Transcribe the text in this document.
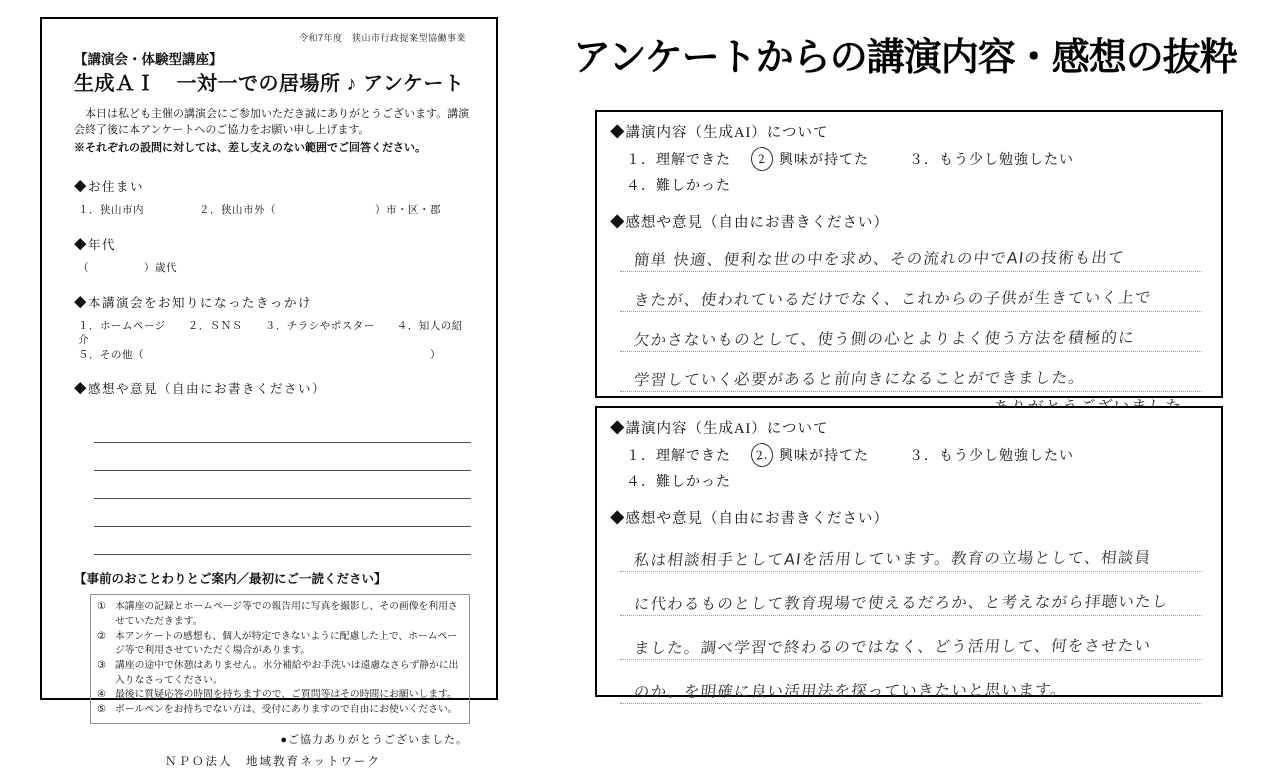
令和7年度　狭山市行政提案型協働事業
【講演会・体験型講座】
生成ＡＩ　一対一での居場所 ♪ アンケート

　本日は私ども主催の講演会にご参加いただき誠にありがとうございます。講演会終了後に本アンケートへのご協力をお願い申し上げます。

※それぞれの設問に対しては、差し支えのない範囲でご回答ください。
◆お住まい
１．狭山市内　　　　　２．狭山市外（　　　　　　　　　）市・区・郡
◆年代
（　　　　　）歳代
◆本講演会をお知りになったきっかけ
１．ホームページ　　２．ＳＮＳ　　３．チラシやポスター　　４．知人の紹介
５．その他（　　　　　　　　　　　　　　　　　　　　　　　　　　）
◆感想や意見（自由にお書きください）
【事前のおことわりとご案内／最初にご一読ください】
① 本講座の記録とホームページ等での報告用に写真を撮影し、その画像を利用させていただきます。
② 本アンケートの感想も、個人が特定できないように配慮した上で、ホームページ等で利用させていただく場合があります。
③ 講座の途中で休憩はありません。水分補給やお手洗いは遠慮なさらず静かに出入りなさってください。
④ 最後に質疑応答の時間を持ちますので、ご質問等はその時間にお願いします。
⑤ ボールペンをお持ちでない方は、受付にありますので自由にお使いください。
●ご協力ありがとうございました。
ＮＰＯ法人　地域教育ネットワーク
アンケートからの講演内容・感想の抜粋
◆講演内容（生成AI）について
１．理解できた	2 興味が持てた	３．もう少し勉強したい
４．難しかった
◆感想や意見（自由にお書きください）
簡単 快適、便利な世の中を求め、その流れの中でAIの技術も出て
きたが、使われているだけでなく、これからの子供が生きていく上で
欠かさないものとして、使う側の心とよりよく使う方法を積極的に
学習していく必要があると前向きになることができました。
◆講演内容（生成AI）について
１．理解できた	2. 興味が持てた	３．もう少し勉強したい
４．難しかった
◆感想や意見（自由にお書きください）
私は相談相手としてAIを活用しています。教育の立場として、相談員
に代わるものとして教育現場で使えるだろか、と考えながら拝聴いたし
ました。調べ学習で終わるのではなく、どう活用して、何をさせたい
のか、を明確に良い活用法を探っていきたいと思います。
